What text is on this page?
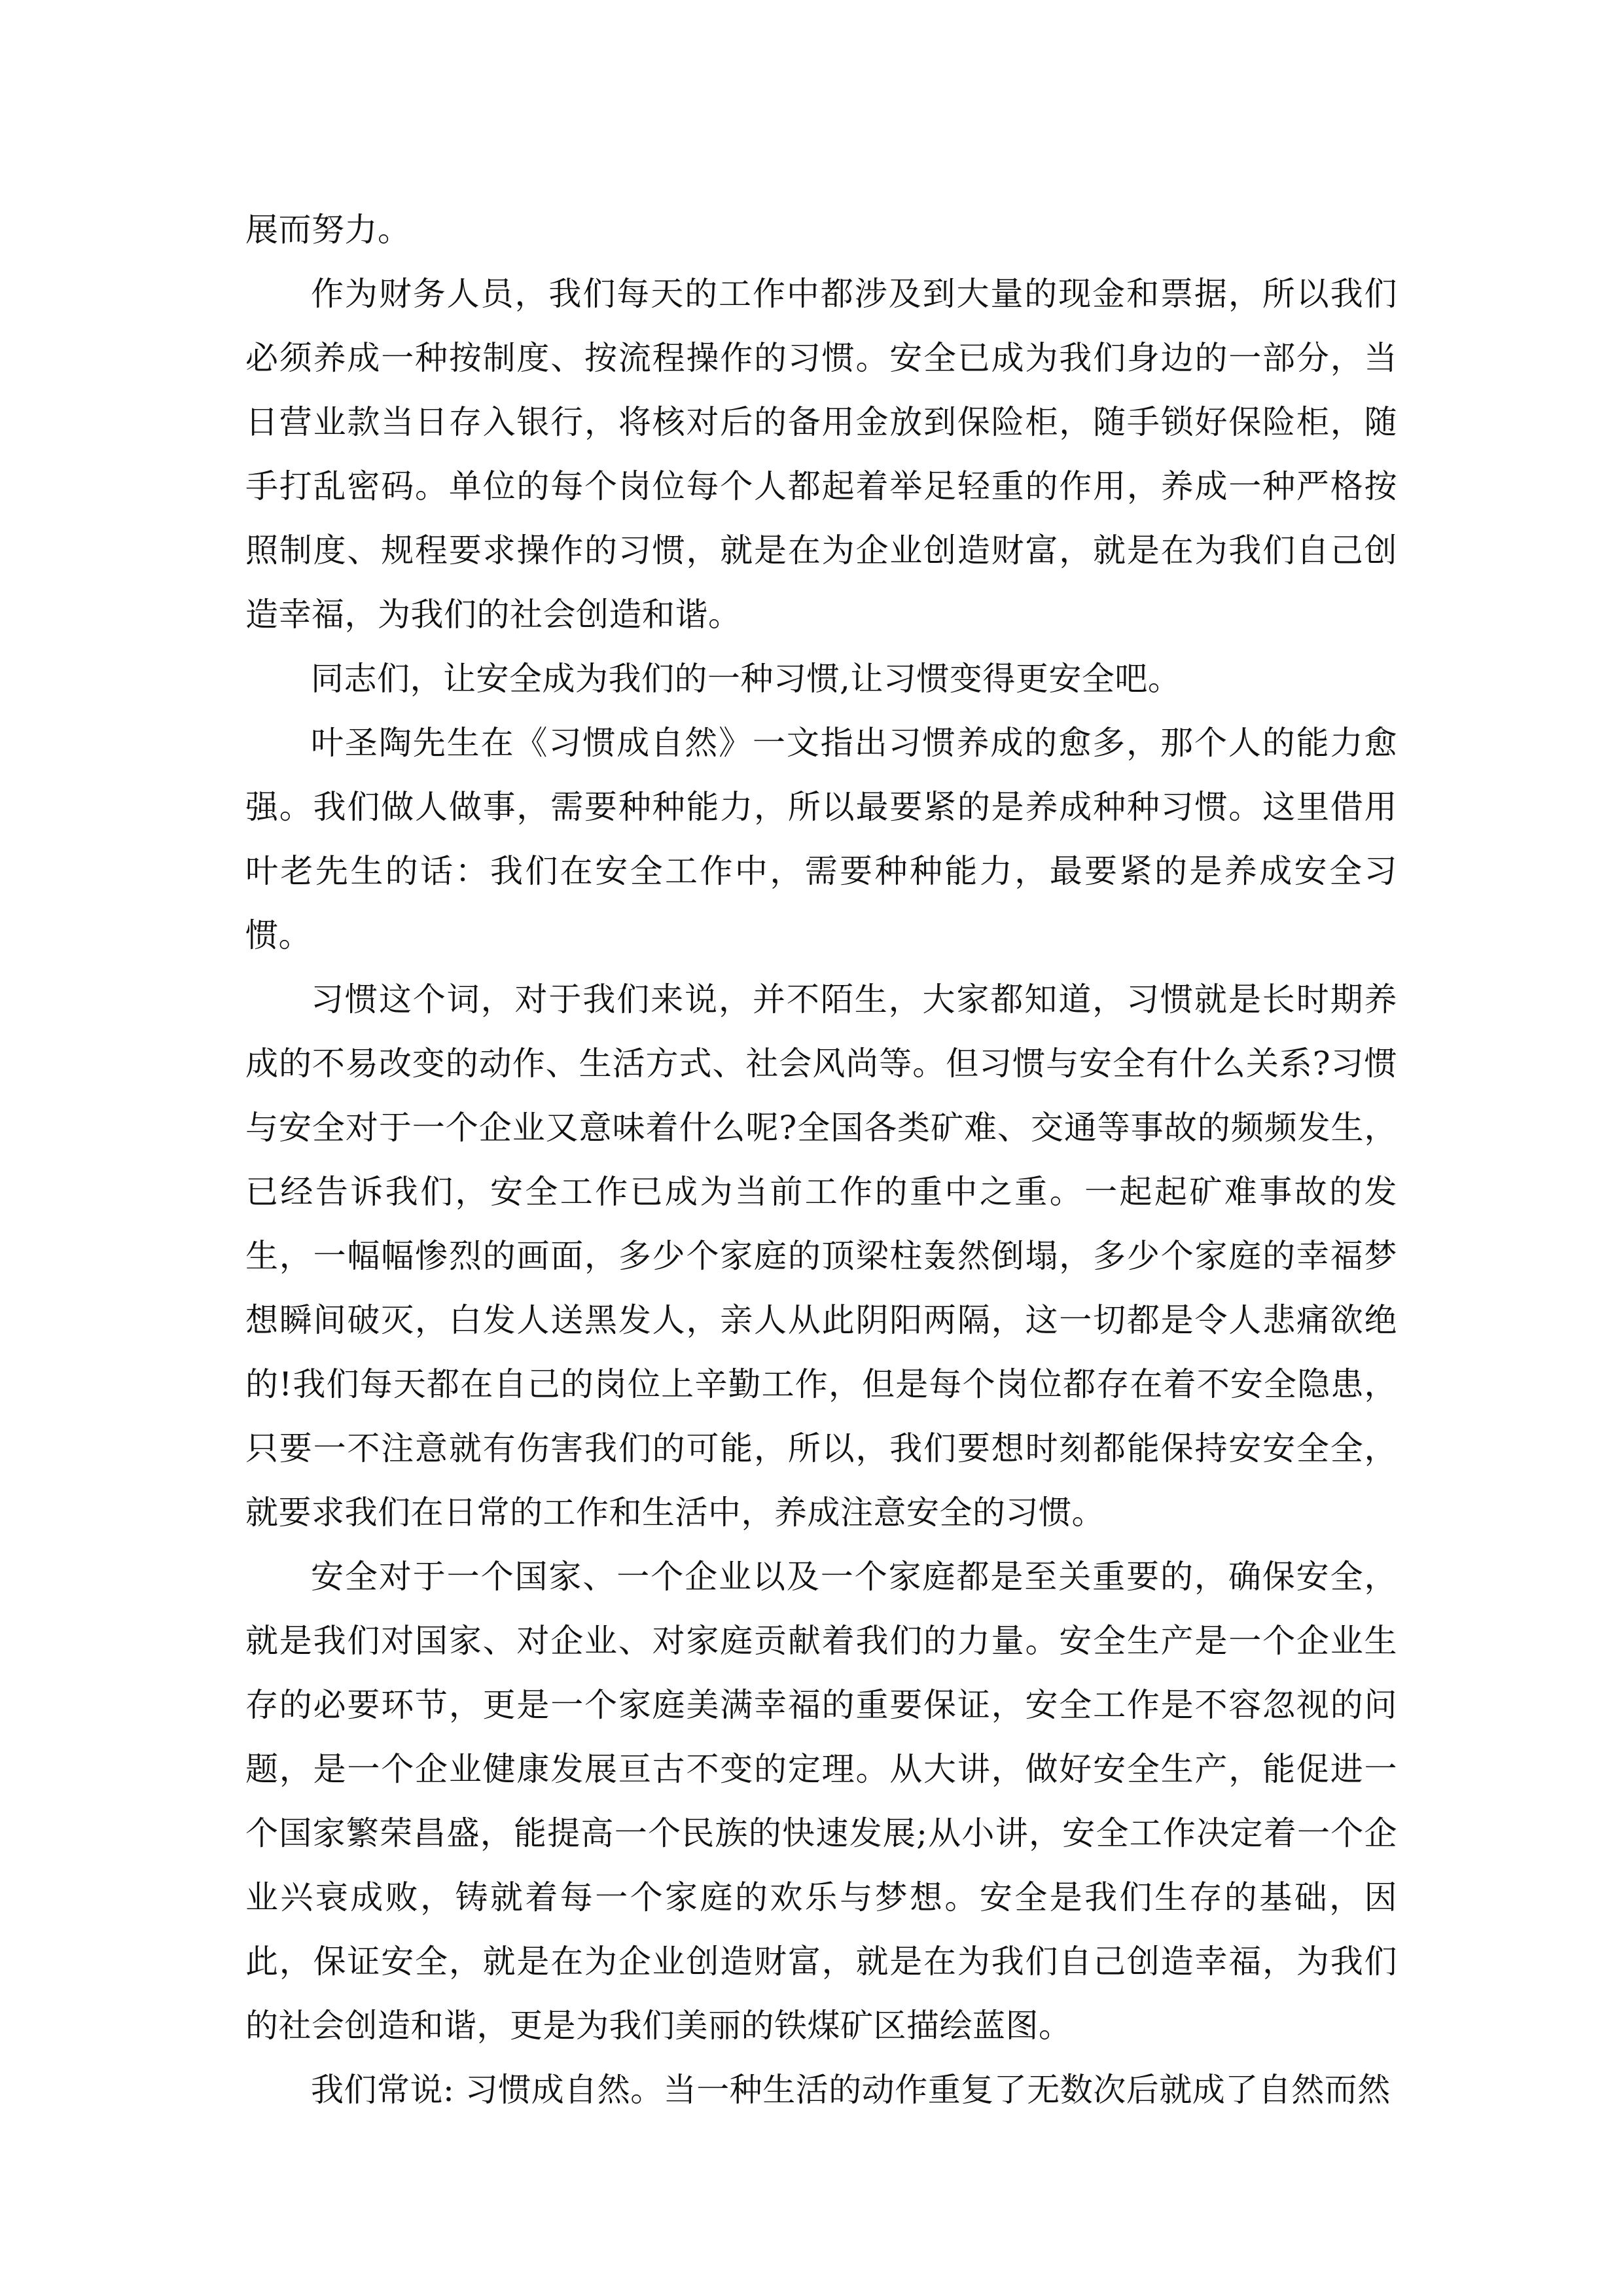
展而努力。

作为财务人员，我们每天的工作中都涉及到大量的现金和票据，所以我们必须养成一种按制度、按流程操作的习惯。安全已成为我们身边的一部分，当日营业款当日存入银行，将核对后的备用金放到保险柜，随手锁好保险柜，随手打乱密码。单位的每个岗位每个人都起着举足轻重的作用，养成一种严格按照制度、规程要求操作的习惯，就是在为企业创造财富，就是在为我们自己创造幸福，为我们的社会创造和谐。

同志们，让安全成为我们的一种习惯,让习惯变得更安全吧。

叶圣陶先生在《习惯成自然》一文指出习惯养成的愈多，那个人的能力愈强。我们做人做事，需要种种能力，所以最要紧的是养成种种习惯。这里借用叶老先生的话：我们在安全工作中，需要种种能力，最要紧的是养成安全习惯。

习惯这个词，对于我们来说，并不陌生，大家都知道，习惯就是长时期养成的不易改变的动作、生活方式、社会风尚等。但习惯与安全有什么关系?习惯与安全对于一个企业又意味着什么呢?全国各类矿难、交通等事故的频频发生，已经告诉我们，安全工作已成为当前工作的重中之重。一起起矿难事故的发生，一幅幅惨烈的画面，多少个家庭的顶梁柱轰然倒塌，多少个家庭的幸福梦想瞬间破灭，白发人送黑发人，亲人从此阴阳两隔，这一切都是令人悲痛欲绝的!我们每天都在自己的岗位上辛勤工作，但是每个岗位都存在着不安全隐患，只要一不注意就有伤害我们的可能，所以，我们要想时刻都能保持安安全全，就要求我们在日常的工作和生活中，养成注意安全的习惯。

安全对于一个国家、一个企业以及一个家庭都是至关重要的，确保安全，就是我们对国家、对企业、对家庭贡献着我们的力量。安全生产是一个企业生存的必要环节，更是一个家庭美满幸福的重要保证，安全工作是不容忽视的问题，是一个企业健康发展亘古不变的定理。从大讲，做好安全生产，能促进一个国家繁荣昌盛，能提高一个民族的快速发展;从小讲，安全工作决定着一个企业兴衰成败，铸就着每一个家庭的欢乐与梦想。安全是我们生存的基础，因此，保证安全，就是在为企业创造财富，就是在为我们自己创造幸福，为我们的社会创造和谐，更是为我们美丽的铁煤矿区描绘蓝图。

我们常说: 习惯成自然。当一种生活的动作重复了无数次后就成了自然而然
